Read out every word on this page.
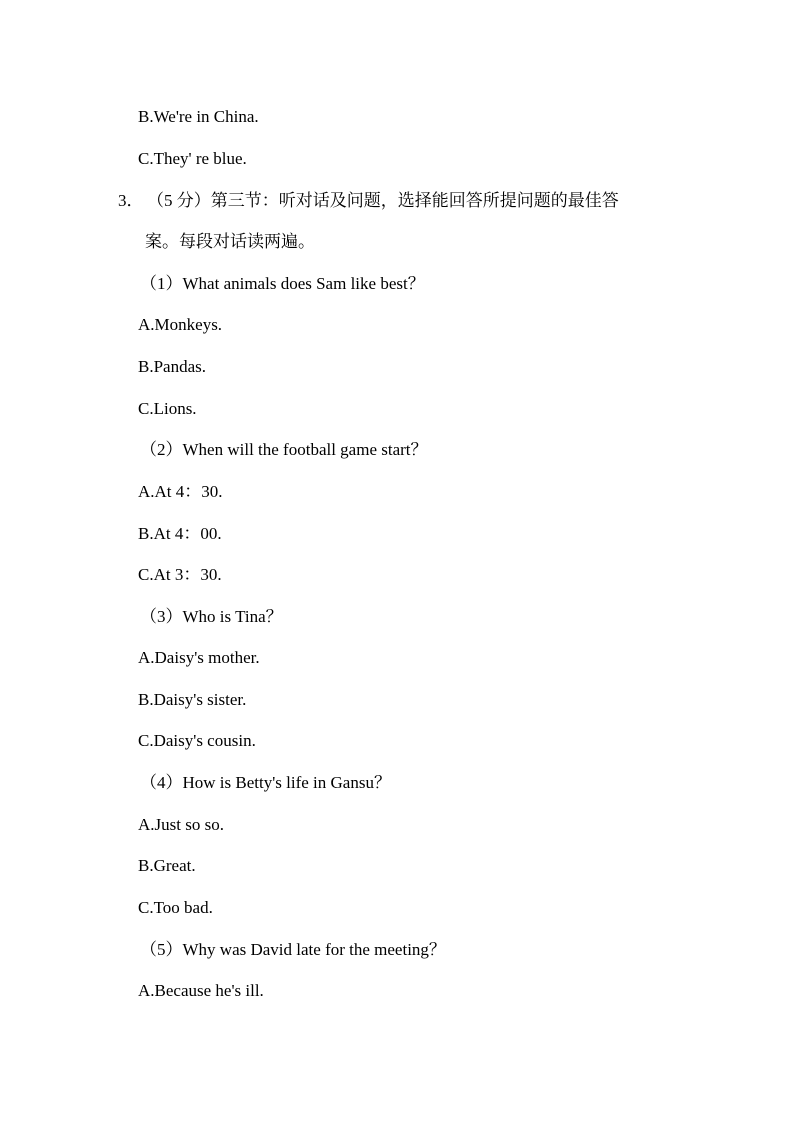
B.We're in China.
C.They' re blue.
3． （5 分）第三节：听对话及问题，选择能回答所提问题的最佳答
案。每段对话读两遍。
（1）What animals does Sam like best？
A.Monkeys.
B.Pandas.
C.Lions.
（2）When will the football game start？
A.At 4：30.
B.At 4：00.
C.At 3：30.
（3）Who is Tina？
A.Daisy's mother.
B.Daisy's sister.
C.Daisy's cousin.
（4）How is Betty's life in Gansu？
A.Just so so.
B.Great.
C.Too bad.
（5）Why was David late for the meeting？
A.Because he's ill.
